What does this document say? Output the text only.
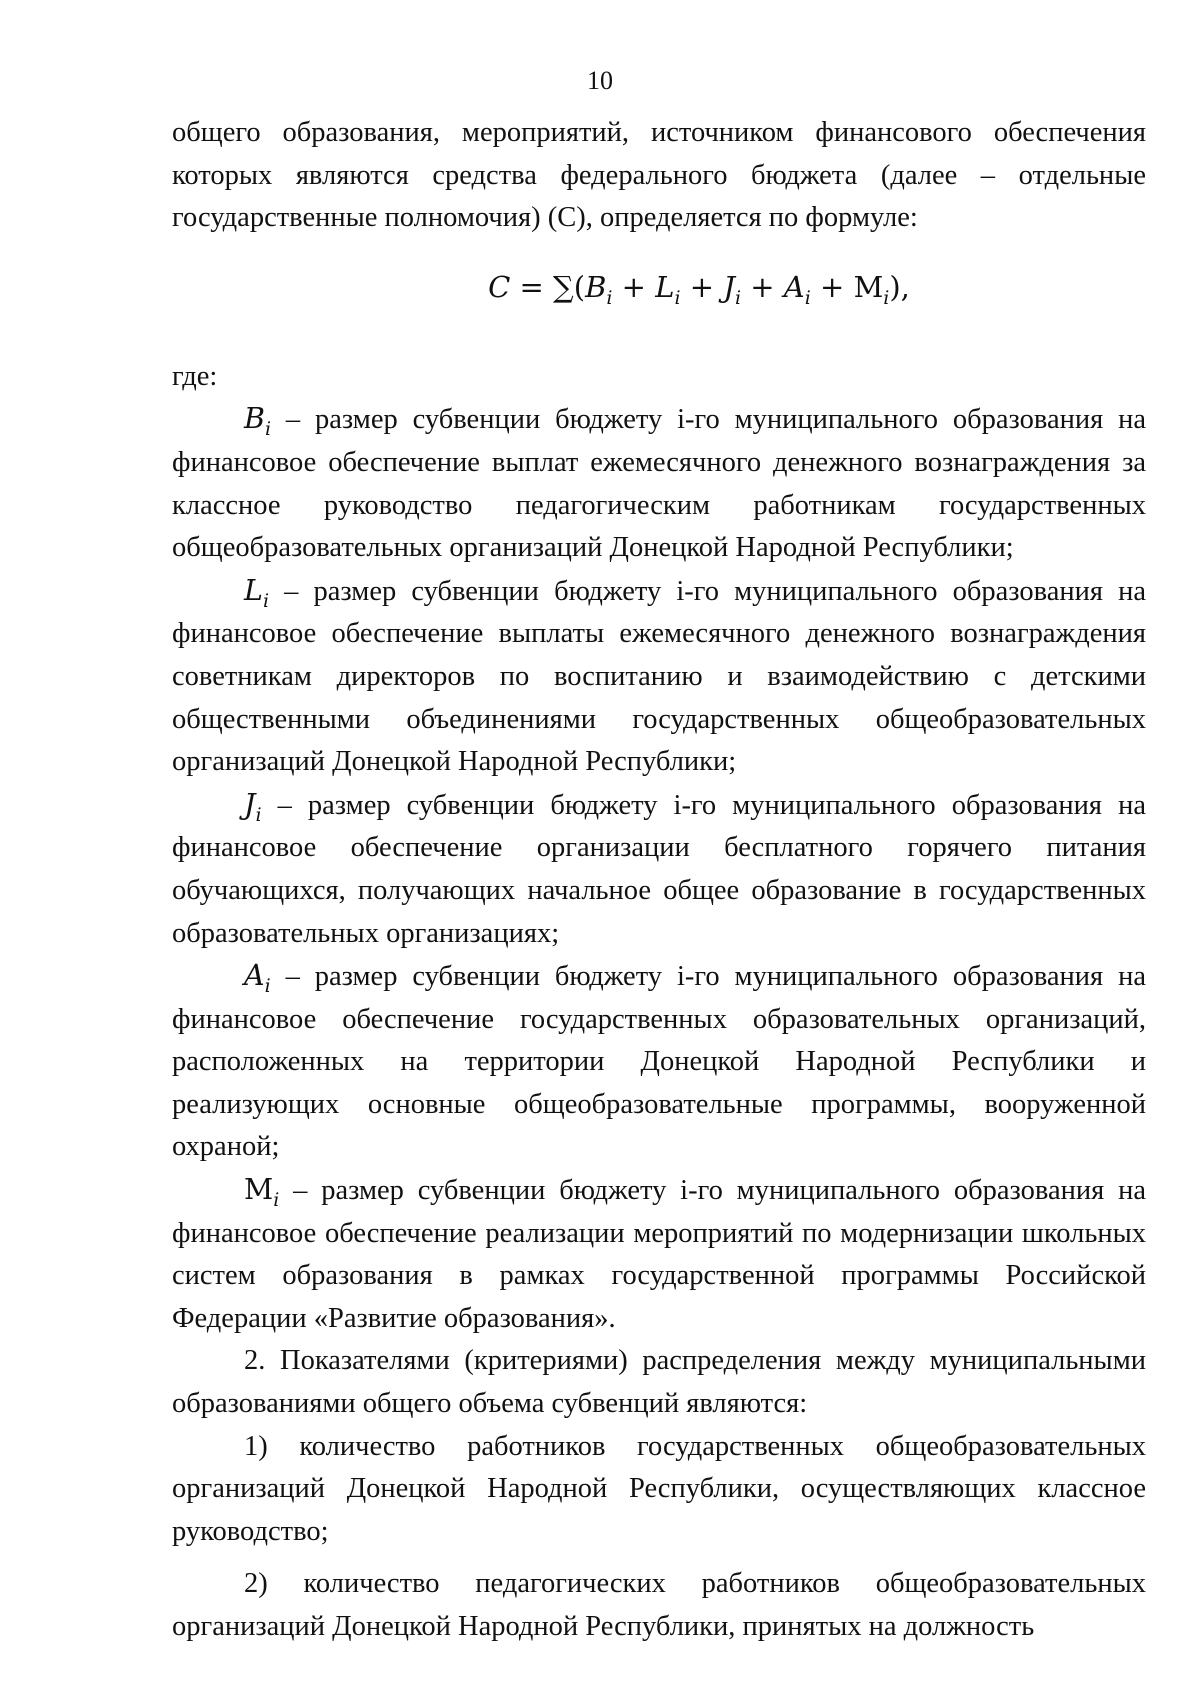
10

общего образования, мероприятий, источником финансового обеспечения которых являются средства федерального бюджета (далее – отдельные государственные полномочия) (С), определяется по формуле:

$C = \sum(B_i + L_i + J_i + A_i + М_i)$,

где:

$B_i$ – размер субвенции бюджету i-го муниципального образования на финансовое обеспечение выплат ежемесячного денежного вознаграждения за классное руководство педагогическим работникам государственных общеобразовательных организаций Донецкой Народной Республики;

$L_i$ – размер субвенции бюджету i-го муниципального образования на финансовое обеспечение выплаты ежемесячного денежного вознаграждения советникам директоров по воспитанию и взаимодействию с детскими общественными объединениями государственных общеобразовательных организаций Донецкой Народной Республики;

$J_i$ – размер субвенции бюджету i-го муниципального образования на финансовое обеспечение организации бесплатного горячего питания обучающихся, получающих начальное общее образование в государственных образовательных организациях;

$A_i$ – размер субвенции бюджету i-го муниципального образования на финансовое обеспечение государственных образовательных организаций, расположенных на территории Донецкой Народной Республики и реализующих основные общеобразовательные программы, вооруженной охраной;

$М_i$ – размер субвенции бюджету i-го муниципального образования на финансовое обеспечение реализации мероприятий по модернизации школьных систем образования в рамках государственной программы Российской Федерации «Развитие образования».

2. Показателями (критериями) распределения между муниципальными образованиями общего объема субвенций являются:

1) количество работников государственных общеобразовательных организаций Донецкой Народной Республики, осуществляющих классное руководство;

2) количество педагогических работников общеобразовательных организаций Донецкой Народной Республики, принятых на должность
